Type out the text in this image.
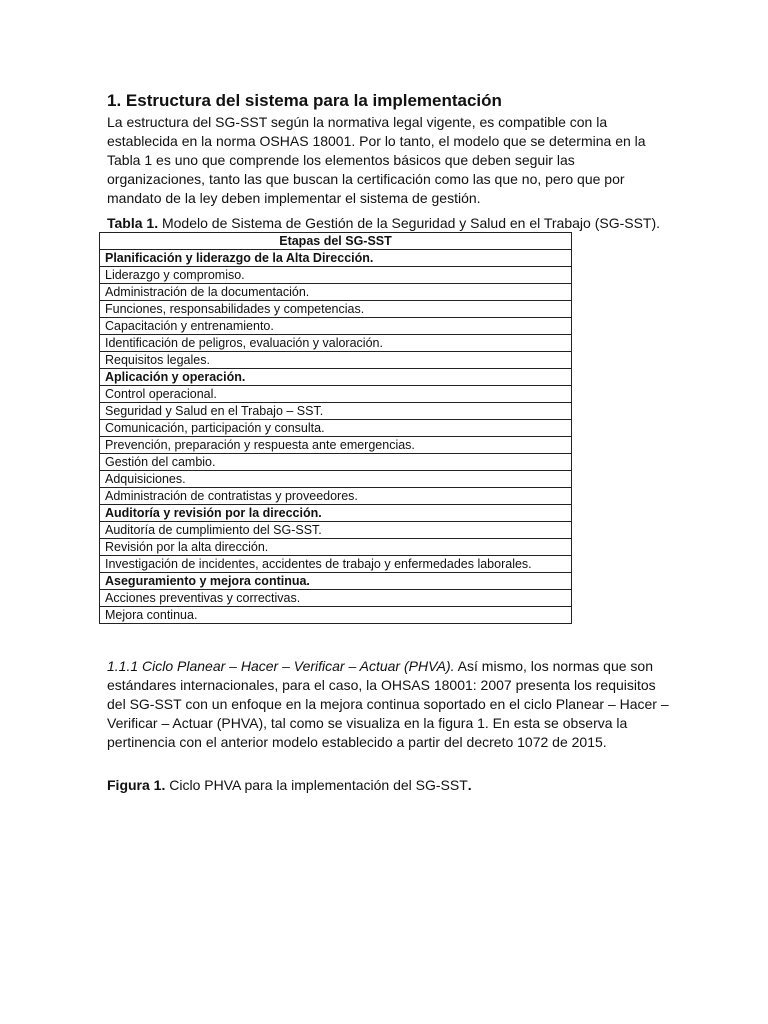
1. Estructura del sistema para la implementación

La estructura del SG-SST según la normativa legal vigente, es compatible con la establecida en la norma OSHAS 18001. Por lo tanto, el modelo que se determina en la Tabla 1 es uno que comprende los elementos básicos que deben seguir las organizaciones, tanto las que buscan la certificación como las que no, pero que por mandato de la ley deben implementar el sistema de gestión.

Tabla 1. Modelo de Sistema de Gestión de la Seguridad y Salud en el Trabajo (SG-SST).

Etapas del SG-SST
Planificación y liderazgo de la Alta Dirección.
Liderazgo y compromiso.
Administración de la documentación.
Funciones, responsabilidades y competencias.
Capacitación y entrenamiento.
Identificación de peligros, evaluación y valoración.
Requisitos legales.
Aplicación y operación.
Control operacional.
Seguridad y Salud en el Trabajo – SST.
Comunicación, participación y consulta.
Prevención, preparación y respuesta ante emergencias.
Gestión del cambio.
Adquisiciones.
Administración de contratistas y proveedores.
Auditoría y revisión por la dirección.
Auditoría de cumplimiento del SG-SST.
Revisión por la alta dirección.
Investigación de incidentes, accidentes de trabajo y enfermedades laborales.
Aseguramiento y mejora continua.
Acciones preventivas y correctivas.
Mejora continua.

1.1.1 Ciclo Planear – Hacer – Verificar – Actuar (PHVA). Así mismo, los normas que son estándares internacionales, para el caso, la OHSAS 18001: 2007 presenta los requisitos del SG-SST con un enfoque en la mejora continua soportado en el ciclo Planear – Hacer – Verificar – Actuar (PHVA), tal como se visualiza en la figura 1. En esta se observa la pertinencia con el anterior modelo establecido a partir del decreto 1072 de 2015.

Figura 1. Ciclo PHVA para la implementación del SG-SST.
